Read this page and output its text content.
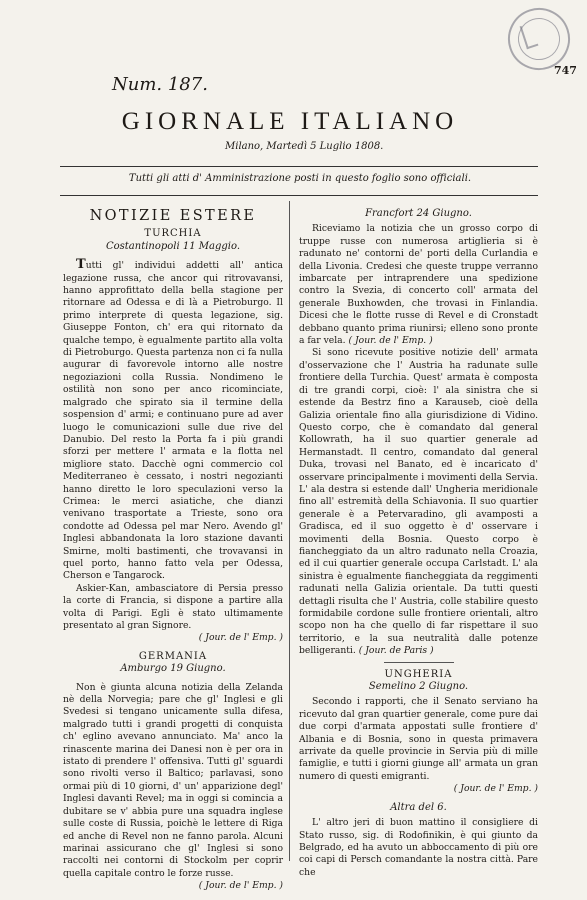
747
Num. 187.
GIORNALE ITALIANO
Milano, Martedì 5 Luglio 1808.
Tutti gli atti d' Amministrazione posti in questo foglio sono officiali.
NOTIZIE ESTERE
TURCHIA
Costantinopoli 11 Maggio.

Tutti gl' individui addetti all' antica legazione russa, che ancor qui ritrovavansi, hanno approfittato della bella stagione per ritornare ad Odessa e di là a Pietroburgo. Il primo interprete di questa legazione, sig. Giuseppe Fonton, ch' era qui ritornato da qualche tempo, è egualmente partito alla volta di Pietroburgo. Questa partenza non ci fa nulla augurar di favorevole intorno alle nostre negoziazioni colla Russia. Nondimeno le ostilità non sono per anco ricominciate, malgrado che spirato sia il termine della sospension d' armi; e continuano pure ad aver luogo le comunicazioni sulle due rive del Danubio. Del resto la Porta fa i più grandi sforzi per mettere l' armata e la flotta nel migliore stato. Dacchè ogni commercio col Mediterraneo è cessato, i nostri negozianti hanno diretto le loro speculazioni verso la Crimea: le merci asiatiche, che dianzi venivano trasportate a Trieste, sono ora condotte ad Odessa pel mar Nero. Avendo gl' Inglesi abbandonata la loro stazione davanti Smirne, molti bastimenti, che trovavansi in quel porto, hanno fatto vela per Odessa, Cherson e Tangarock.

Askier-Kan, ambasciatore di Persia presso la corte di Francia, si dispone a partire alla volta di Parigi. Egli è stato ultimamente presentato al gran Signore.

( Jour. de l' Emp. )
GERMANIA
Amburgo 19 Giugno.

Non è giunta alcuna notizia della Zelanda nè della Norvegia; pare che gl' Inglesi e gli Svedesi si tengano unicamente sulla difesa, malgrado tutti i grandi progetti di conquista ch' eglino avevano annunciato. Ma' anco la rinascente marina dei Danesi non è per ora in istato di prendere l' offensiva. Tutti gl' sguardi sono rivolti verso il Baltico; parlavasi, sono ormai più di 10 giorni, d' un' apparizione degl' Inglesi davanti Revel; ma in oggi si comincia a dubitare se v' abbia pure una squadra inglese sulle coste di Russia, poichè le lettere di Riga ed anche di Revel non ne fanno parola. Alcuni marinai assicurano che gl' Inglesi si sono raccolti nei contorni di Stockolm per coprir quella capitale contro le forze russe.

( Jour. de l' Emp. )
Francfort 24 Giugno.

Riceviamo la notizia che un grosso corpo di truppe russe con numerosa artiglieria si è radunato ne' contorni de' porti della Curlandia e della Livonia. Credesi che queste truppe verranno imbarcate per intraprendere una spedizione contro la Svezia, di concerto coll' armata del generale Buxhowden, che trovasi in Finlandia. Dicesi che le flotte russe di Revel e di Cronstadt debbano quanto prima riunirsi; elleno sono pronte a far vela. ( Jour. de l' Emp. )

Si sono ricevute positive notizie dell' armata d'osservazione che l' Austria ha radunate sulle frontiere della Turchia. Quest' armata è composta di tre grandi corpi, cioè: l' ala sinistra che si estende da Bestrz fino a Karauseb, cioè della Galizia orientale fino alla giurisdizione di Vidino. Questo corpo, che è comandato dal general Kollowrath, ha il suo quartier generale ad Hermanstadt. Il centro, comandato dal general Duka, trovasi nel Banato, ed è incaricato d' osservare principalmente i movimenti della Servia. L' ala destra si estende dall' Ungheria meridionale fino all' estremità della Schiavonia. Il suo quartier generale è a Petervaradino, gli avamposti a Gradisca, ed il suo oggetto è d' osservare i movimenti della Bosnia. Questo corpo è fiancheggiato da un altro radunato nella Croazia, ed il cui quartier generale occupa Carlstadt. L' ala sinistra è egualmente fiancheggiata da reggimenti radunati nella Galizia orientale. Da tutti questi dettagli risulta che l' Austria, colle stabilire questo formidabile cordone sulle frontiere orientali, altro scopo non ha che quello di far rispettare il suo territorio, e la sua neutralità dalle potenze belligeranti. ( Jour. de Paris )

UNGHERIA
Semelino 2 Giugno.

Secondo i rapporti, che il Senato serviano ha ricevuto dal gran quartier generale, come pure dai due corpi d'armata appostati sulle frontiere d' Albania e di Bosnia, sono in questa primavera arrivate da quelle provincie in Servia più di mille famiglie, e tutti i giorni giunge all' armata un gran numero di questi emigranti.

( Jour. de l' Emp. )
Altra del 6.

L' altro jeri di buon mattino il consigliere di Stato russo, sig. di Rodofinikin, è qui giunto da Belgrado, ed ha avuto un abboccamento di più ore coi capi di Persch comandante la nostra città. Pare che
